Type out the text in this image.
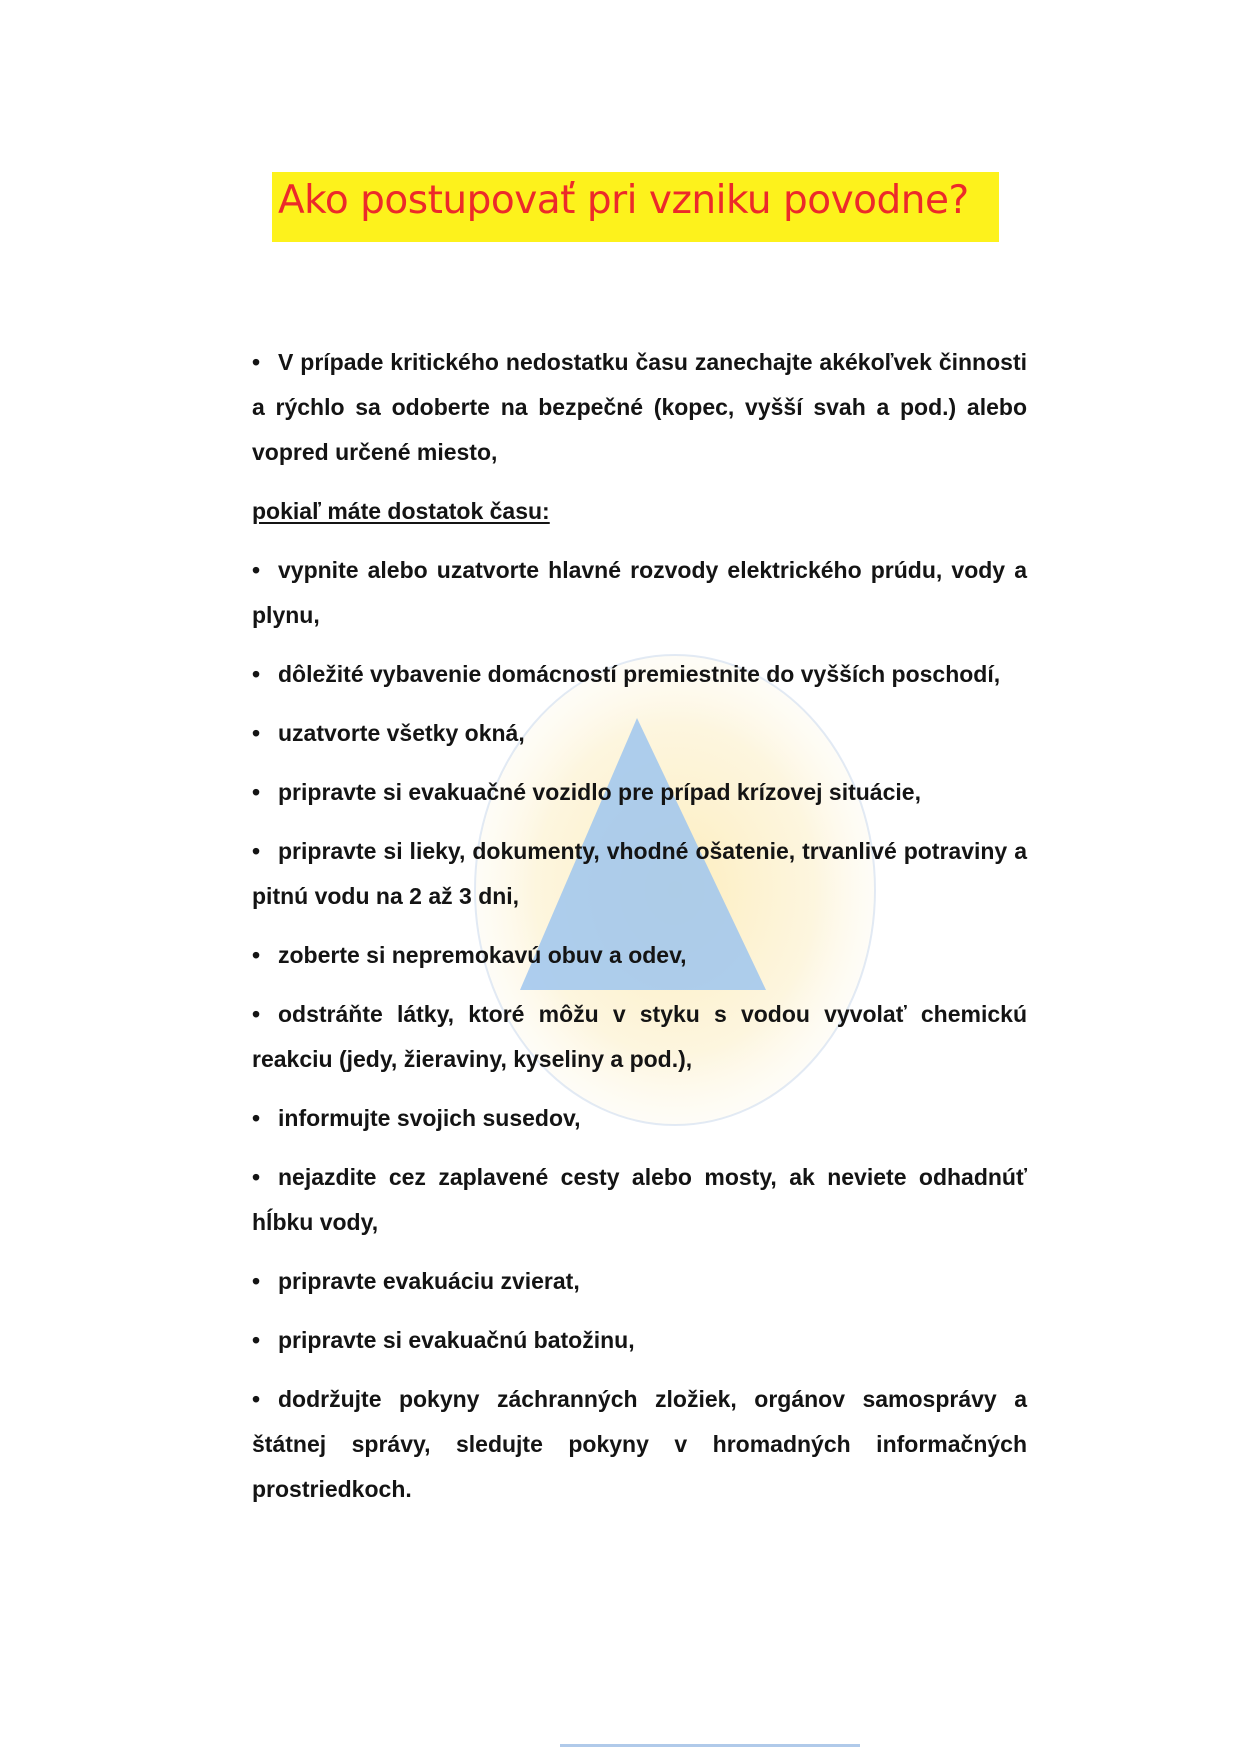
Ako postupovať pri vzniku povodne?

• V prípade kritického nedostatku času zanechajte akékoľvek činnosti a rýchlo sa odoberte na bezpečné (kopec, vyšší svah a pod.) alebo vopred určené miesto,

pokiaľ máte dostatok času:

• vypnite alebo uzatvorte hlavné rozvody elektrického prúdu, vody a plynu,

• dôležité vybavenie domácností premiestnite do vyšších poschodí,

• uzatvorte všetky okná,

• pripravte si evakuačné vozidlo pre prípad krízovej situácie,

• pripravte si lieky, dokumenty, vhodné ošatenie, trvanlivé potraviny a pitnú vodu na 2 až 3 dni,

• zoberte si nepremokavú obuv a odev,

• odstráňte látky, ktoré môžu v styku s vodou vyvolať chemickú reakciu (jedy, žieraviny, kyseliny a pod.),

• informujte svojich susedov,

• nejazdite cez zaplavené cesty alebo mosty, ak neviete odhadnúť hĺbku vody,

• pripravte evakuáciu zvierat,

• pripravte si evakuačnú batožinu,

• dodržujte pokyny záchranných zložiek, orgánov samosprávy a štátnej správy, sledujte pokyny v hromadných informačných prostriedkoch.
